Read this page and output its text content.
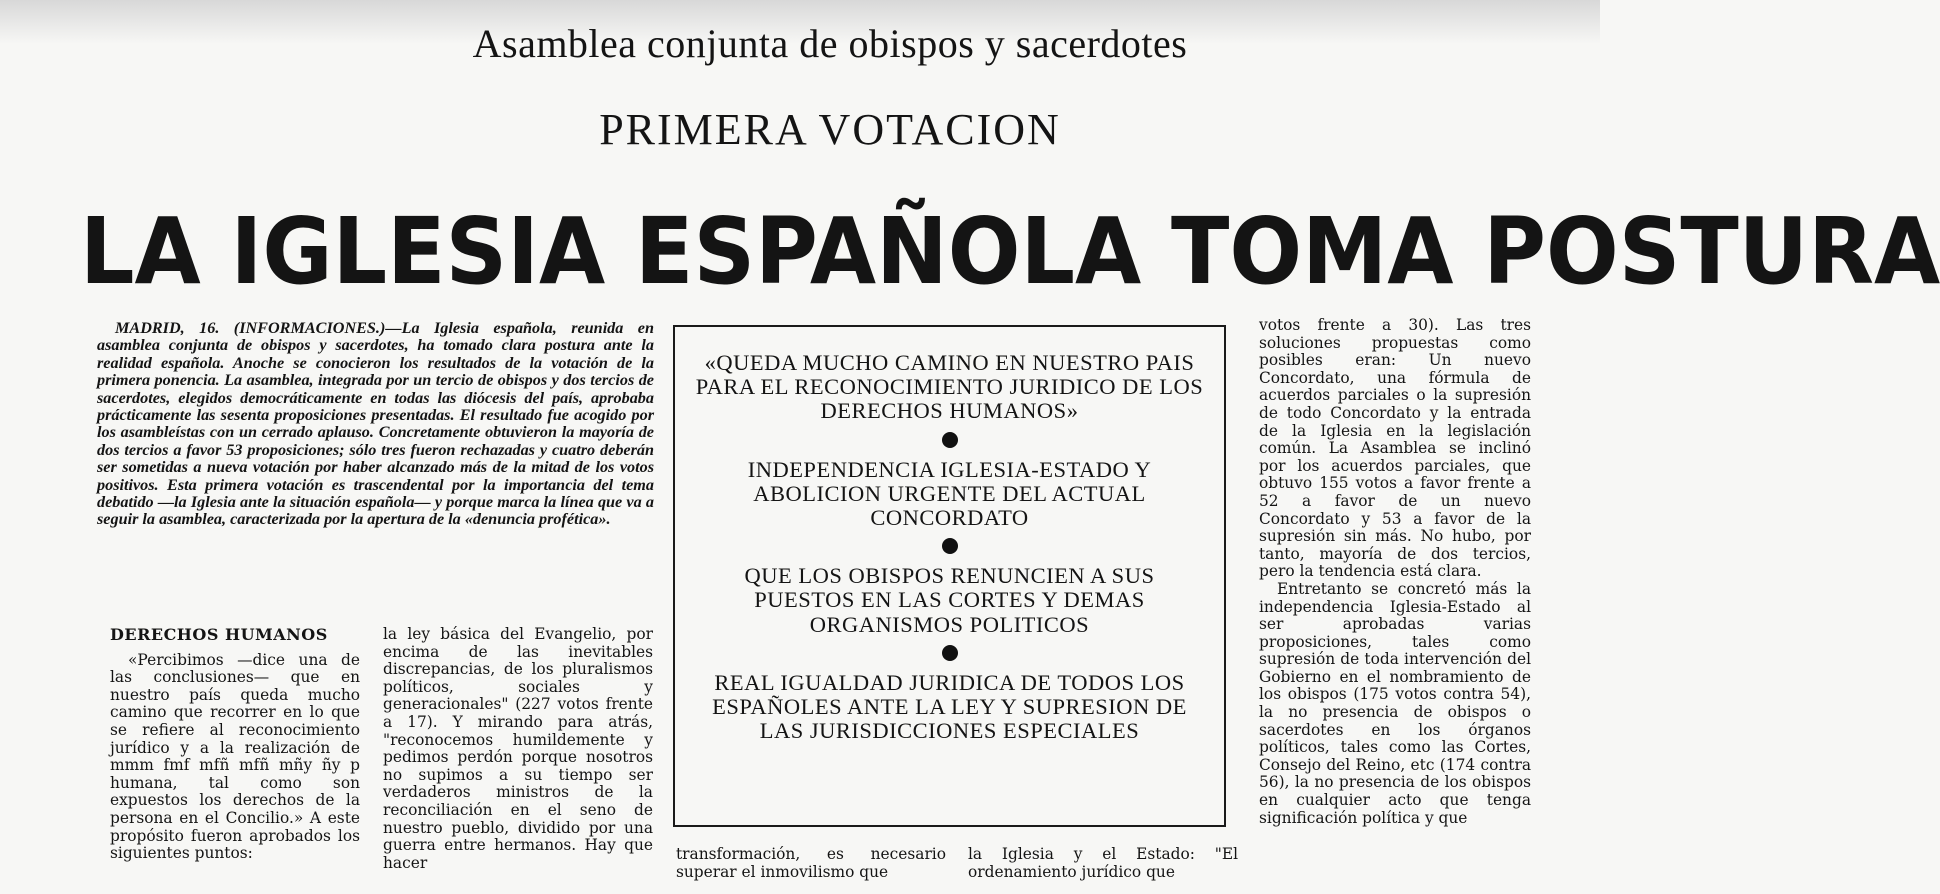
Asamblea conjunta de obispos y sacerdotes
PRIMERA VOTACION
LA IGLESIA ESPAÑOLA TOMA POSTURA

MADRID, 16. (INFORMACIONES.)—La Iglesia española, reunida en asamblea conjunta de obispos y sacerdotes, ha tomado clara postura ante la realidad española. Anoche se conocieron los resultados de la votación de la primera ponencia. La asamblea, integrada por un tercio de obispos y dos tercios de sacerdotes, elegidos democráticamente en todas las diócesis del país, aprobaba prácticamente las sesenta proposiciones presentadas. El resultado fue acogido por los asambleístas con un cerrado aplauso. Concretamente obtuvieron la mayoría de dos tercios a favor 53 proposiciones; sólo tres fueron rechazadas y cuatro deberán ser sometidas a nueva votación por haber alcanzado más de la mitad de los votos positivos. Esta primera votación es trascendental por la importancia del tema debatido —la Iglesia ante la situación española— y porque marca la línea que va a seguir la asamblea, caracterizada por la apertura de la «denuncia profética».

DERECHOS HUMANOS

«Percibimos —dice una de las conclusiones— que en nuestro país queda mucho camino que recorrer en lo que se refiere al reconocimiento jurídico y a la realización de mmm fmf mfñ mfñ mñy ñy p humana, tal como son expuestos los derechos de la persona en el Concilio.» A este propósito fueron aprobados los siguientes puntos:

la ley básica del Evangelio, por encima de las inevitables discrepancias, de los pluralismos políticos, sociales y generacionales" (227 votos frente a 17). Y mirando para atrás, "reconocemos humildemente y pedimos perdón porque nosotros no supimos a su tiempo ser verdaderos ministros de la reconciliación en el seno de nuestro pueblo, dividido por una guerra entre hermanos. Hay que hacer

«QUEDA MUCHO CAMINO EN NUESTRO PAIS PARA EL RECONOCIMIENTO JURIDICO DE LOS DERECHOS HUMANOS»
INDEPENDENCIA IGLESIA-ESTADO Y ABOLICION URGENTE DEL ACTUAL CONCORDATO
QUE LOS OBISPOS RENUNCIEN A SUS PUESTOS EN LAS CORTES Y DEMAS ORGANISMOS POLITICOS
REAL IGUALDAD JURIDICA DE TODOS LOS ESPAÑOLES ANTE LA LEY Y SUPRESION DE LAS JURISDICCIONES ESPECIALES

transformación, es necesario superar el inmovilismo que

la Iglesia y el Estado: "El ordenamiento jurídico que

votos frente a 30). Las tres soluciones propuestas como posibles eran: Un nuevo Concordato, una fórmula de acuerdos parciales o la supresión de todo Concordato y la entrada de la Iglesia en la legislación común. La Asamblea se inclinó por los acuerdos parciales, que obtuvo 155 votos a favor frente a 52 a favor de un nuevo Concordato y 53 a favor de la supresión sin más. No hubo, por tanto, mayoría de dos tercios, pero la tendencia está clara.

Entretanto se concretó más la independencia Iglesia-Estado al ser aprobadas varias proposiciones, tales como supresión de toda intervención del Gobierno en el nombramiento de los obispos (175 votos contra 54), la no presencia de obispos o sacerdotes en los órganos políticos, tales como las Cortes, Consejo del Reino, etc (174 contra 56), la no presencia de los obispos en cualquier acto que tenga significación política y que
